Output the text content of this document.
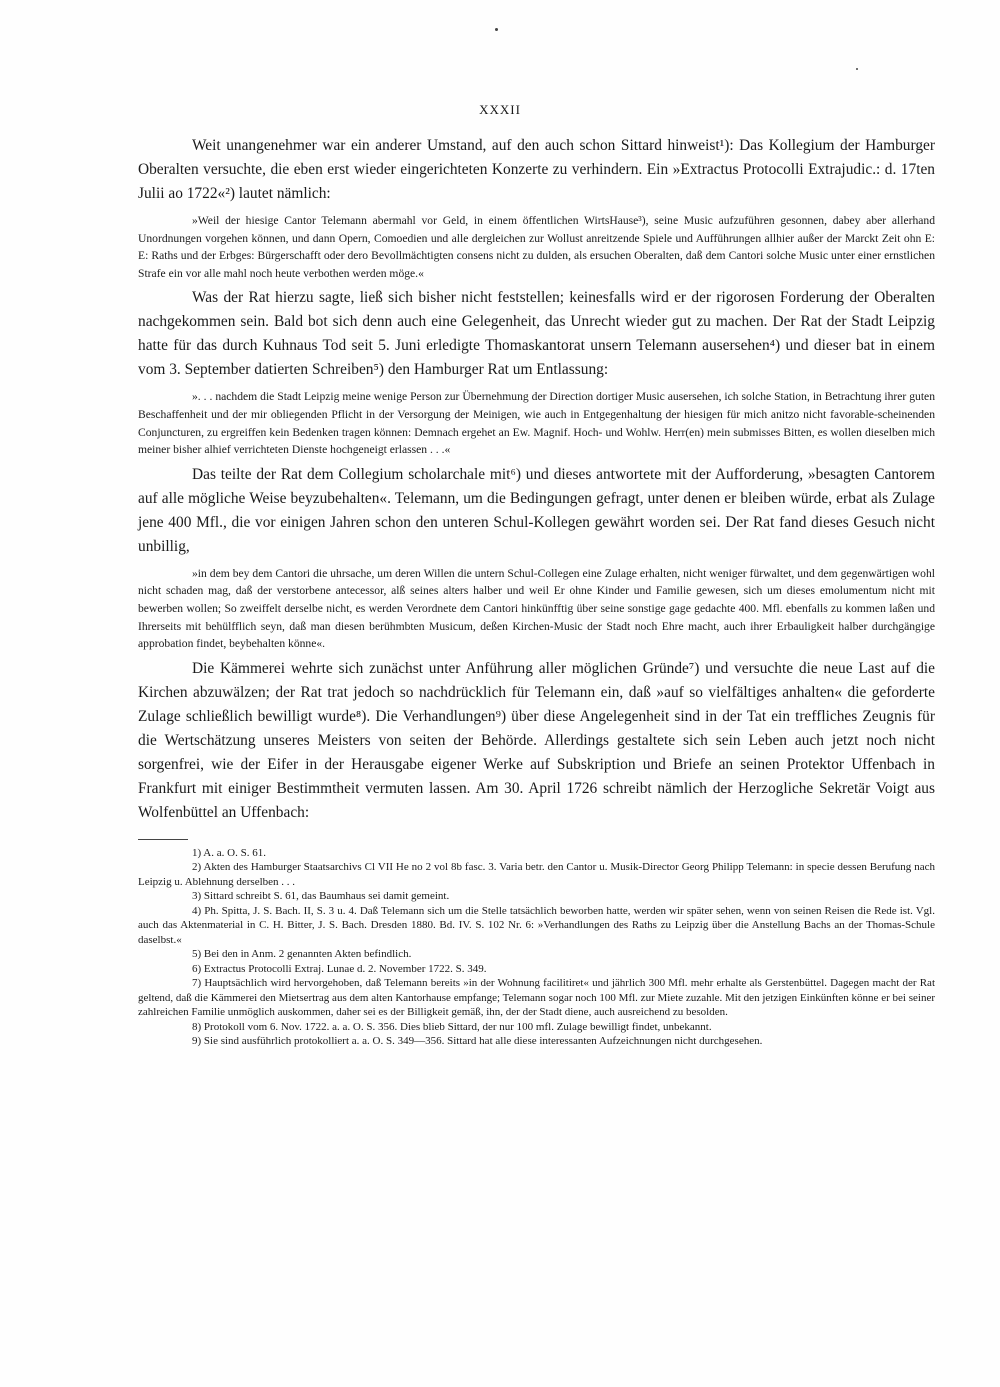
XXXII

Weit unangenehmer war ein anderer Umstand, auf den auch schon Sittard hinweist¹): Das Kollegium der Hamburger Oberalten versuchte, die eben erst wieder eingerichteten Konzerte zu verhindern. Ein »Extractus Protocolli Extrajudic.: d. 17ten Julii ao 1722«²) lautet nämlich:

»Weil der hiesige Cantor Telemann abermahl vor Geld, in einem öffentlichen WirtsHause³), seine Music aufzuführen gesonnen, dabey aber allerhand Unordnungen vorgehen können, und dann Opern, Comoedien und alle dergleichen zur Wollust anreitzende Spiele und Aufführungen allhier außer der Marckt Zeit ohn E: E: Raths und der Erbges: Bürgerschafft oder dero Bevollmächtigten consens nicht zu dulden, als ersuchen Oberalten, daß dem Cantori solche Music unter einer ernstlichen Strafe ein vor alle mahl noch heute verbothen werden möge.«

Was der Rat hierzu sagte, ließ sich bisher nicht feststellen; keinesfalls wird er der rigorosen Forderung der Oberalten nachgekommen sein. Bald bot sich denn auch eine Gelegenheit, das Unrecht wieder gut zu machen. Der Rat der Stadt Leipzig hatte für das durch Kuhnaus Tod seit 5. Juni erledigte Thomaskantorat unsern Telemann ausersehen⁴) und dieser bat in einem vom 3. September datierten Schreiben⁵) den Hamburger Rat um Entlassung:

». . . nachdem die Stadt Leipzig meine wenige Person zur Übernehmung der Direction dortiger Music ausersehen, ich solche Station, in Betrachtung ihrer guten Beschaffenheit und der mir obliegenden Pflicht in der Versorgung der Meinigen, wie auch in Entgegenhaltung der hiesigen für mich anitzo nicht favorable-scheinenden Conjuncturen, zu ergreiffen kein Bedenken tragen können: Demnach ergehet an Ew. Magnif. Hoch- und Wohlw. Herr(en) mein submisses Bitten, es wollen dieselben mich meiner bisher alhief verrichteten Dienste hochgeneigt erlassen . . .«

Das teilte der Rat dem Collegium scholarchale mit⁶) und dieses antwortete mit der Aufforderung, »besagten Cantorem auf alle mögliche Weise beyzubehalten«. Telemann, um die Bedingungen gefragt, unter denen er bleiben würde, erbat als Zulage jene 400 Mfl., die vor einigen Jahren schon den unteren Schul-Kollegen gewährt worden sei. Der Rat fand dieses Gesuch nicht unbillig,

»in dem bey dem Cantori die uhrsache, um deren Willen die untern Schul-Collegen eine Zulage erhalten, nicht weniger fürwaltet, und dem gegenwärtigen wohl nicht schaden mag, daß der verstorbene antecessor, alß seines alters halber und weil Er ohne Kinder und Familie gewesen, sich um dieses emolumentum nicht mit bewerben wollen; So zweiffelt derselbe nicht, es werden Verordnete dem Cantori hinkünfftig über seine sonstige gage gedachte 400. Mfl. ebenfalls zu kommen laßen und Ihrerseits mit behülfflich seyn, daß man diesen berühmbten Musicum, deßen Kirchen-Music der Stadt noch Ehre macht, auch ihrer Erbauligkeit halber durchgängige approbation findet, beybehalten könne«.

Die Kämmerei wehrte sich zunächst unter Anführung aller möglichen Gründe⁷) und versuchte die neue Last auf die Kirchen abzuwälzen; der Rat trat jedoch so nachdrücklich für Telemann ein, daß »auf so vielfältiges anhalten« die geforderte Zulage schließlich bewilligt wurde⁸). Die Verhandlungen⁹) über diese Angelegenheit sind in der Tat ein treffliches Zeugnis für die Wertschätzung unseres Meisters von seiten der Behörde. Allerdings gestaltete sich sein Leben auch jetzt noch nicht sorgenfrei, wie der Eifer in der Herausgabe eigener Werke auf Subskription und Briefe an seinen Protektor Uffenbach in Frankfurt mit einiger Bestimmtheit vermuten lassen. Am 30. April 1726 schreibt nämlich der Herzogliche Sekretär Voigt aus Wolfenbüttel an Uffenbach:

1) A. a. O. S. 61.

2) Akten des Hamburger Staatsarchivs Cl VII He no 2 vol 8b fasc. 3. Varia betr. den Cantor u. Musik-Director Georg Philipp Telemann: in specie dessen Berufung nach Leipzig u. Ablehnung derselben . . .

3) Sittard schreibt S. 61, das Baumhaus sei damit gemeint.

4) Ph. Spitta, J. S. Bach. II, S. 3 u. 4. Daß Telemann sich um die Stelle tatsächlich beworben hatte, werden wir später sehen, wenn von seinen Reisen die Rede ist. Vgl. auch das Aktenmaterial in C. H. Bitter, J. S. Bach. Dresden 1880. Bd. IV. S. 102 Nr. 6: »Verhandlungen des Raths zu Leipzig über die Anstellung Bachs an der Thomas-Schule daselbst.«

5) Bei den in Anm. 2 genannten Akten befindlich.

6) Extractus Protocolli Extraj. Lunae d. 2. November 1722. S. 349.

7) Hauptsächlich wird hervorgehoben, daß Telemann bereits »in der Wohnung facilitiret« und jährlich 300 Mfl. mehr erhalte als Gerstenbüttel. Dagegen macht der Rat geltend, daß die Kämmerei den Mietsertrag aus dem alten Kantorhause empfange; Telemann sogar noch 100 Mfl. zur Miete zuzahle. Mit den jetzigen Einkünften könne er bei seiner zahlreichen Familie unmöglich auskommen, daher sei es der Billigkeit gemäß, ihn, der der Stadt diene, auch ausreichend zu besolden.

8) Protokoll vom 6. Nov. 1722. a. a. O. S. 356. Dies blieb Sittard, der nur 100 mfl. Zulage bewilligt findet, unbekannt.

9) Sie sind ausführlich protokolliert a. a. O. S. 349—356. Sittard hat alle diese interessanten Aufzeichnungen nicht durchgesehen.
